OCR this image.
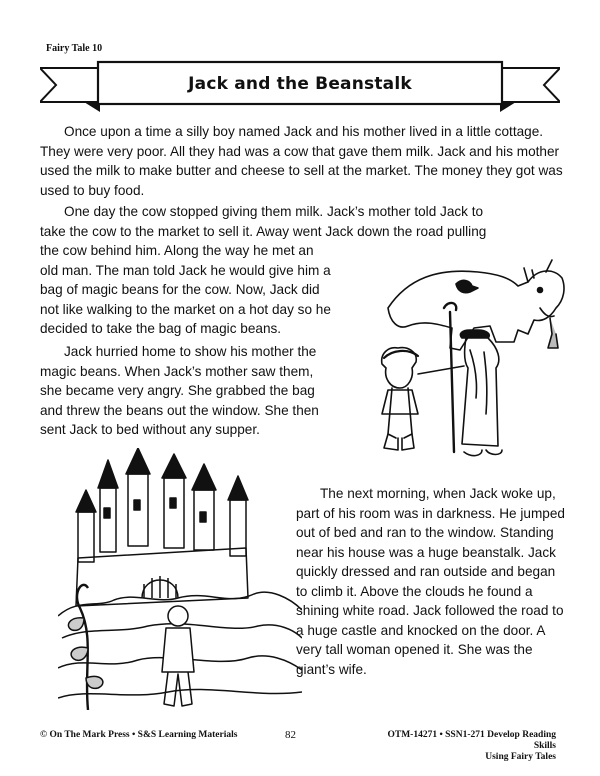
Fairy Tale 10
Jack and the Beanstalk

Once upon a time a silly boy named Jack and his mother lived in a little cottage. They were very poor. All they had was a cow that gave them milk. Jack and his mother used the milk to make butter and cheese to sell at the market. The money they got was used to buy food.

One day the cow stopped giving them milk. Jack’s mother told Jack to
take the cow to the market to sell it. Away went Jack down the road pulling
the cow behind him. Along the way he met an
old man. The man told Jack he would give him a
bag of magic beans for the cow. Now, Jack did
not like walking to the market on a hot day so he
decided to take the bag of magic beans.

Jack hurried home to show his mother the magic beans. When Jack’s mother saw them, she became very angry. She grabbed the bag and threw the beans out the window. She then sent Jack to bed without any supper.

The next morning, when Jack woke up, part of his room was in darkness. He jumped out of bed and ran to the window. Standing near his house was a huge beanstalk. Jack quickly dressed and ran outside and began to climb it. Above the clouds he found a shining white road. Jack followed the road to a huge castle and knocked on the door. A very tall woman opened it. She was the giant’s wife.

© On The Mark Press • S&S Learning Materials	82	OTM-14271 • SSN1-271 Develop Reading Skills
Using Fairy Tales
